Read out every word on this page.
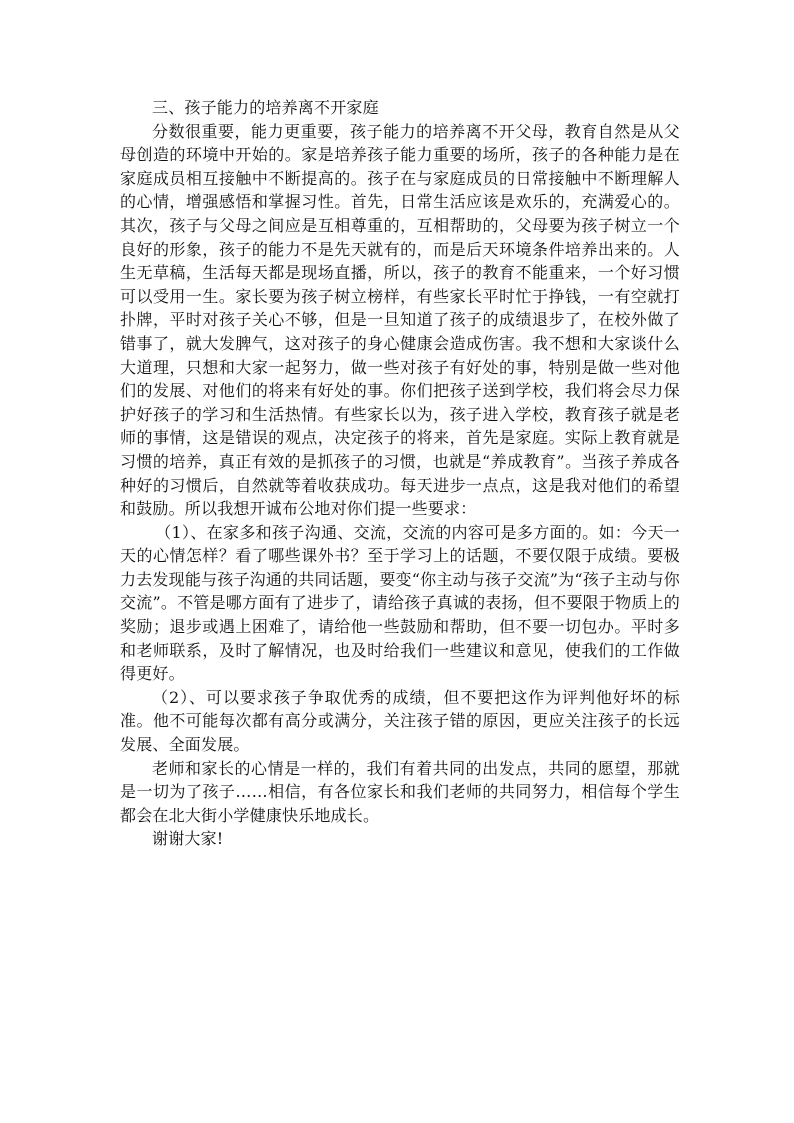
三、孩子能力的培养离不开家庭

分数很重要，能力更重要，孩子能力的培养离不开父母，教育自然是从父母创造的环境中开始的。家是培养孩子能力重要的场所，孩子的各种能力是在家庭成员相互接触中不断提高的。孩子在与家庭成员的日常接触中不断理解人的心情，增强感悟和掌握习性。首先，日常生活应该是欢乐的，充满爱心的。其次，孩子与父母之间应是互相尊重的，互相帮助的，父母要为孩子树立一个良好的形象，孩子的能力不是先天就有的，而是后天环境条件培养出来的。人生无草稿，生活每天都是现场直播，所以，孩子的教育不能重来，一个好习惯可以受用一生。家长要为孩子树立榜样，有些家长平时忙于挣钱，一有空就打扑牌，平时对孩子关心不够，但是一旦知道了孩子的成绩退步了，在校外做了错事了，就大发脾气，这对孩子的身心健康会造成伤害。我不想和大家谈什么大道理，只想和大家一起努力，做一些对孩子有好处的事，特别是做一些对他们的发展、对他们的将来有好处的事。你们把孩子送到学校，我们将会尽力保护好孩子的学习和生活热情。有些家长以为，孩子进入学校，教育孩子就是老师的事情，这是错误的观点，决定孩子的将来，首先是家庭。实际上教育就是习惯的培养，真正有效的是抓孩子的习惯，也就是“养成教育”。当孩子养成各种好的习惯后，自然就等着收获成功。每天进步一点点，这是我对他们的希望和鼓励。所以我想开诚布公地对你们提一些要求：

（1）、在家多和孩子沟通、交流，交流的内容可是多方面的。如：今天一天的心情怎样？看了哪些课外书？至于学习上的话题，不要仅限于成绩。要极力去发现能与孩子沟通的共同话题，要变“你主动与孩子交流”为“孩子主动与你交流”。不管是哪方面有了进步了，请给孩子真诚的表扬，但不要限于物质上的奖励；退步或遇上困难了，请给他一些鼓励和帮助，但不要一切包办。平时多和老师联系，及时了解情况，也及时给我们一些建议和意见，使我们的工作做得更好。

（2）、可以要求孩子争取优秀的成绩，但不要把这作为评判他好坏的标准。他不可能每次都有高分或满分，关注孩子错的原因，更应关注孩子的长远发展、全面发展。

老师和家长的心情是一样的，我们有着共同的出发点，共同的愿望，那就是一切为了孩子……相信，有各位家长和我们老师的共同努力，相信每个学生都会在北大街小学健康快乐地成长。

谢谢大家!
